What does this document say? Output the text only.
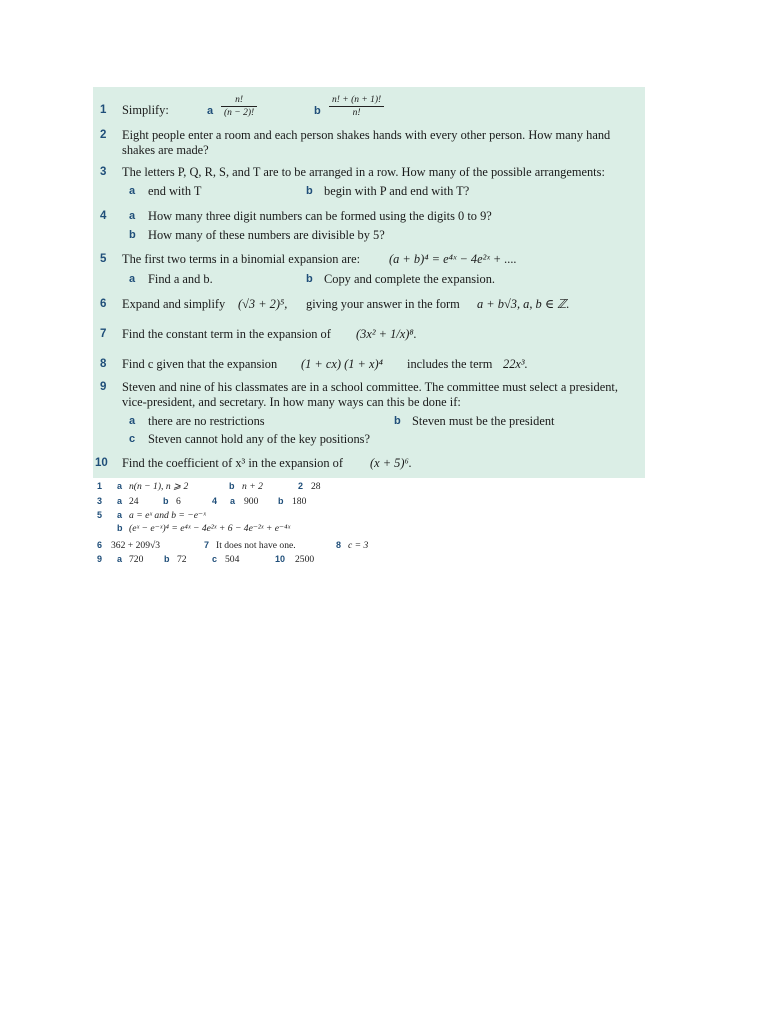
1	Simplify:	a $\frac{n!}{(n - 2)!}$	b $\frac{n! + (n + 1)!}{n!}$
2	Eight people enter a room and each person shakes hands with every other person. How many hand
shakes are made?
3	The letters P, Q, R, S, and T are to be arranged in a row. How many of the possible arrangements:
a end with T	b begin with P and end with T?
4	a How many three digit numbers can be formed using the digits 0 to 9?
b How many of these numbers are divisible by 5?
5	The first two terms in a binomial expansion are: (a + b)⁴ = e⁴ˣ − 4e²ˣ + ....
a Find a and b.	b Copy and complete the expansion.
6	Expand and simplify (√3 + 2)⁵, giving your answer in the form a + b√3, a, b ∈ ℤ.
7	Find the constant term in the expansion of (3x² + 1/x)⁸.
8	Find c given that the expansion (1 + cx) (1 + x)⁴ includes the term 22x³.
9	Steven and nine of his classmates are in a school committee. The committee must select a president,
vice-president, and secretary. In how many ways can this be done if:
a there are no restrictions	b Steven must be the president
c Steven cannot hold any of the key positions?
10 Find the coefficient of x³ in the expansion of (x + 5)⁶.
1 a n(n − 1), n ⩾ 2	b n + 2	2 28
3 a 24	b 6	4 a 900 b 180
5 a a = eˣ and b = −e⁻ˣ
b (eˣ − e⁻ˣ)⁴ = e⁴ˣ − 4e²ˣ + 6 − 4e⁻²ˣ + e⁻⁴ˣ
6 362 + 209√3	7 It does not have one.	8 c = 3
9 a 720 b 72	c 504	10 2500
